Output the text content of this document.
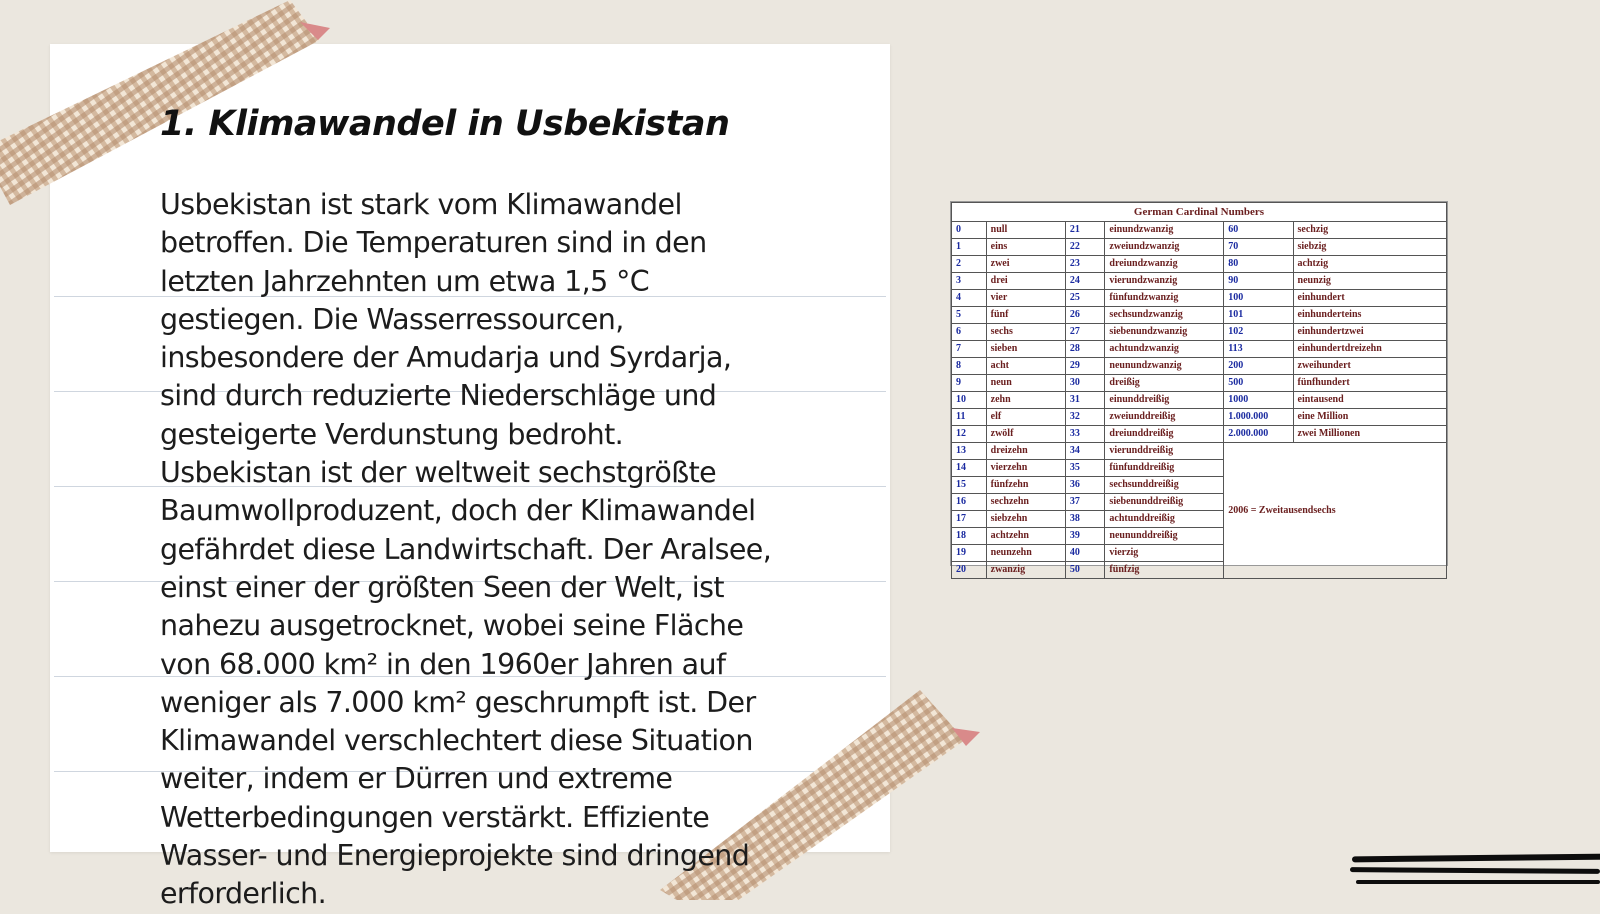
1. Klimawandel in Usbekistan

Usbekistan ist stark vom Klimawandel
betroffen. Die Temperaturen sind in den
letzten Jahrzehnten um etwa 1,5 °C
gestiegen. Die Wasserressourcen,
insbesondere der Amudarja und Syrdarja,
sind durch reduzierte Niederschläge und
gesteigerte Verdunstung bedroht.
Usbekistan ist der weltweit sechstgrößte
Baumwollproduzent, doch der Klimawandel
gefährdet diese Landwirtschaft. Der Aralsee,
einst einer der größten Seen der Welt, ist
nahezu ausgetrocknet, wobei seine Fläche
von 68.000 km² in den 1960er Jahren auf
weniger als 7.000 km² geschrumpft ist. Der
Klimawandel verschlechtert diese Situation
weiter, indem er Dürren und extreme
Wetterbedingungen verstärkt. Effiziente
Wasser- und Energieprojekte sind dringend
erforderlich.

German Cardinal Numbers					
0	null	21	einundzwanzig	60	sechzig
1	eins	22	zweiundzwanzig	70	siebzig
2	zwei	23	dreiundzwanzig	80	achtzig
3	drei	24	vierundzwanzig	90	neunzig
4	vier	25	fünfundzwanzig	100	einhundert
5	fünf	26	sechsundzwanzig	101	einhunderteins
6	sechs	27	siebenundzwanzig	102	einhundertzwei
7	sieben	28	achtundzwanzig	113	einhundertdreizehn
8	acht	29	neunundzwanzig	200	zweihundert
9	neun	30	dreißig	500	fünfhundert
10	zehn	31	einunddreißig	1000	eintausend
11	elf	32	zweiunddreißig	1.000.000	eine Million
12	zwölf	33	dreiunddreißig	2.000.000	zwei Millionen
13	dreizehn	34	vierunddreißig	2006 = Zweitausendsechs	
14	vierzehn	35	fünfunddreißig		
15	fünfzehn	36	sechsunddreißig		
16	sechzehn	37	siebenunddreißig		
17	siebzehn	38	achtunddreißig		
18	achtzehn	39	neununddreißig		
19	neunzehn	40	vierzig		
20	zwanzig	50	fünfzig		
